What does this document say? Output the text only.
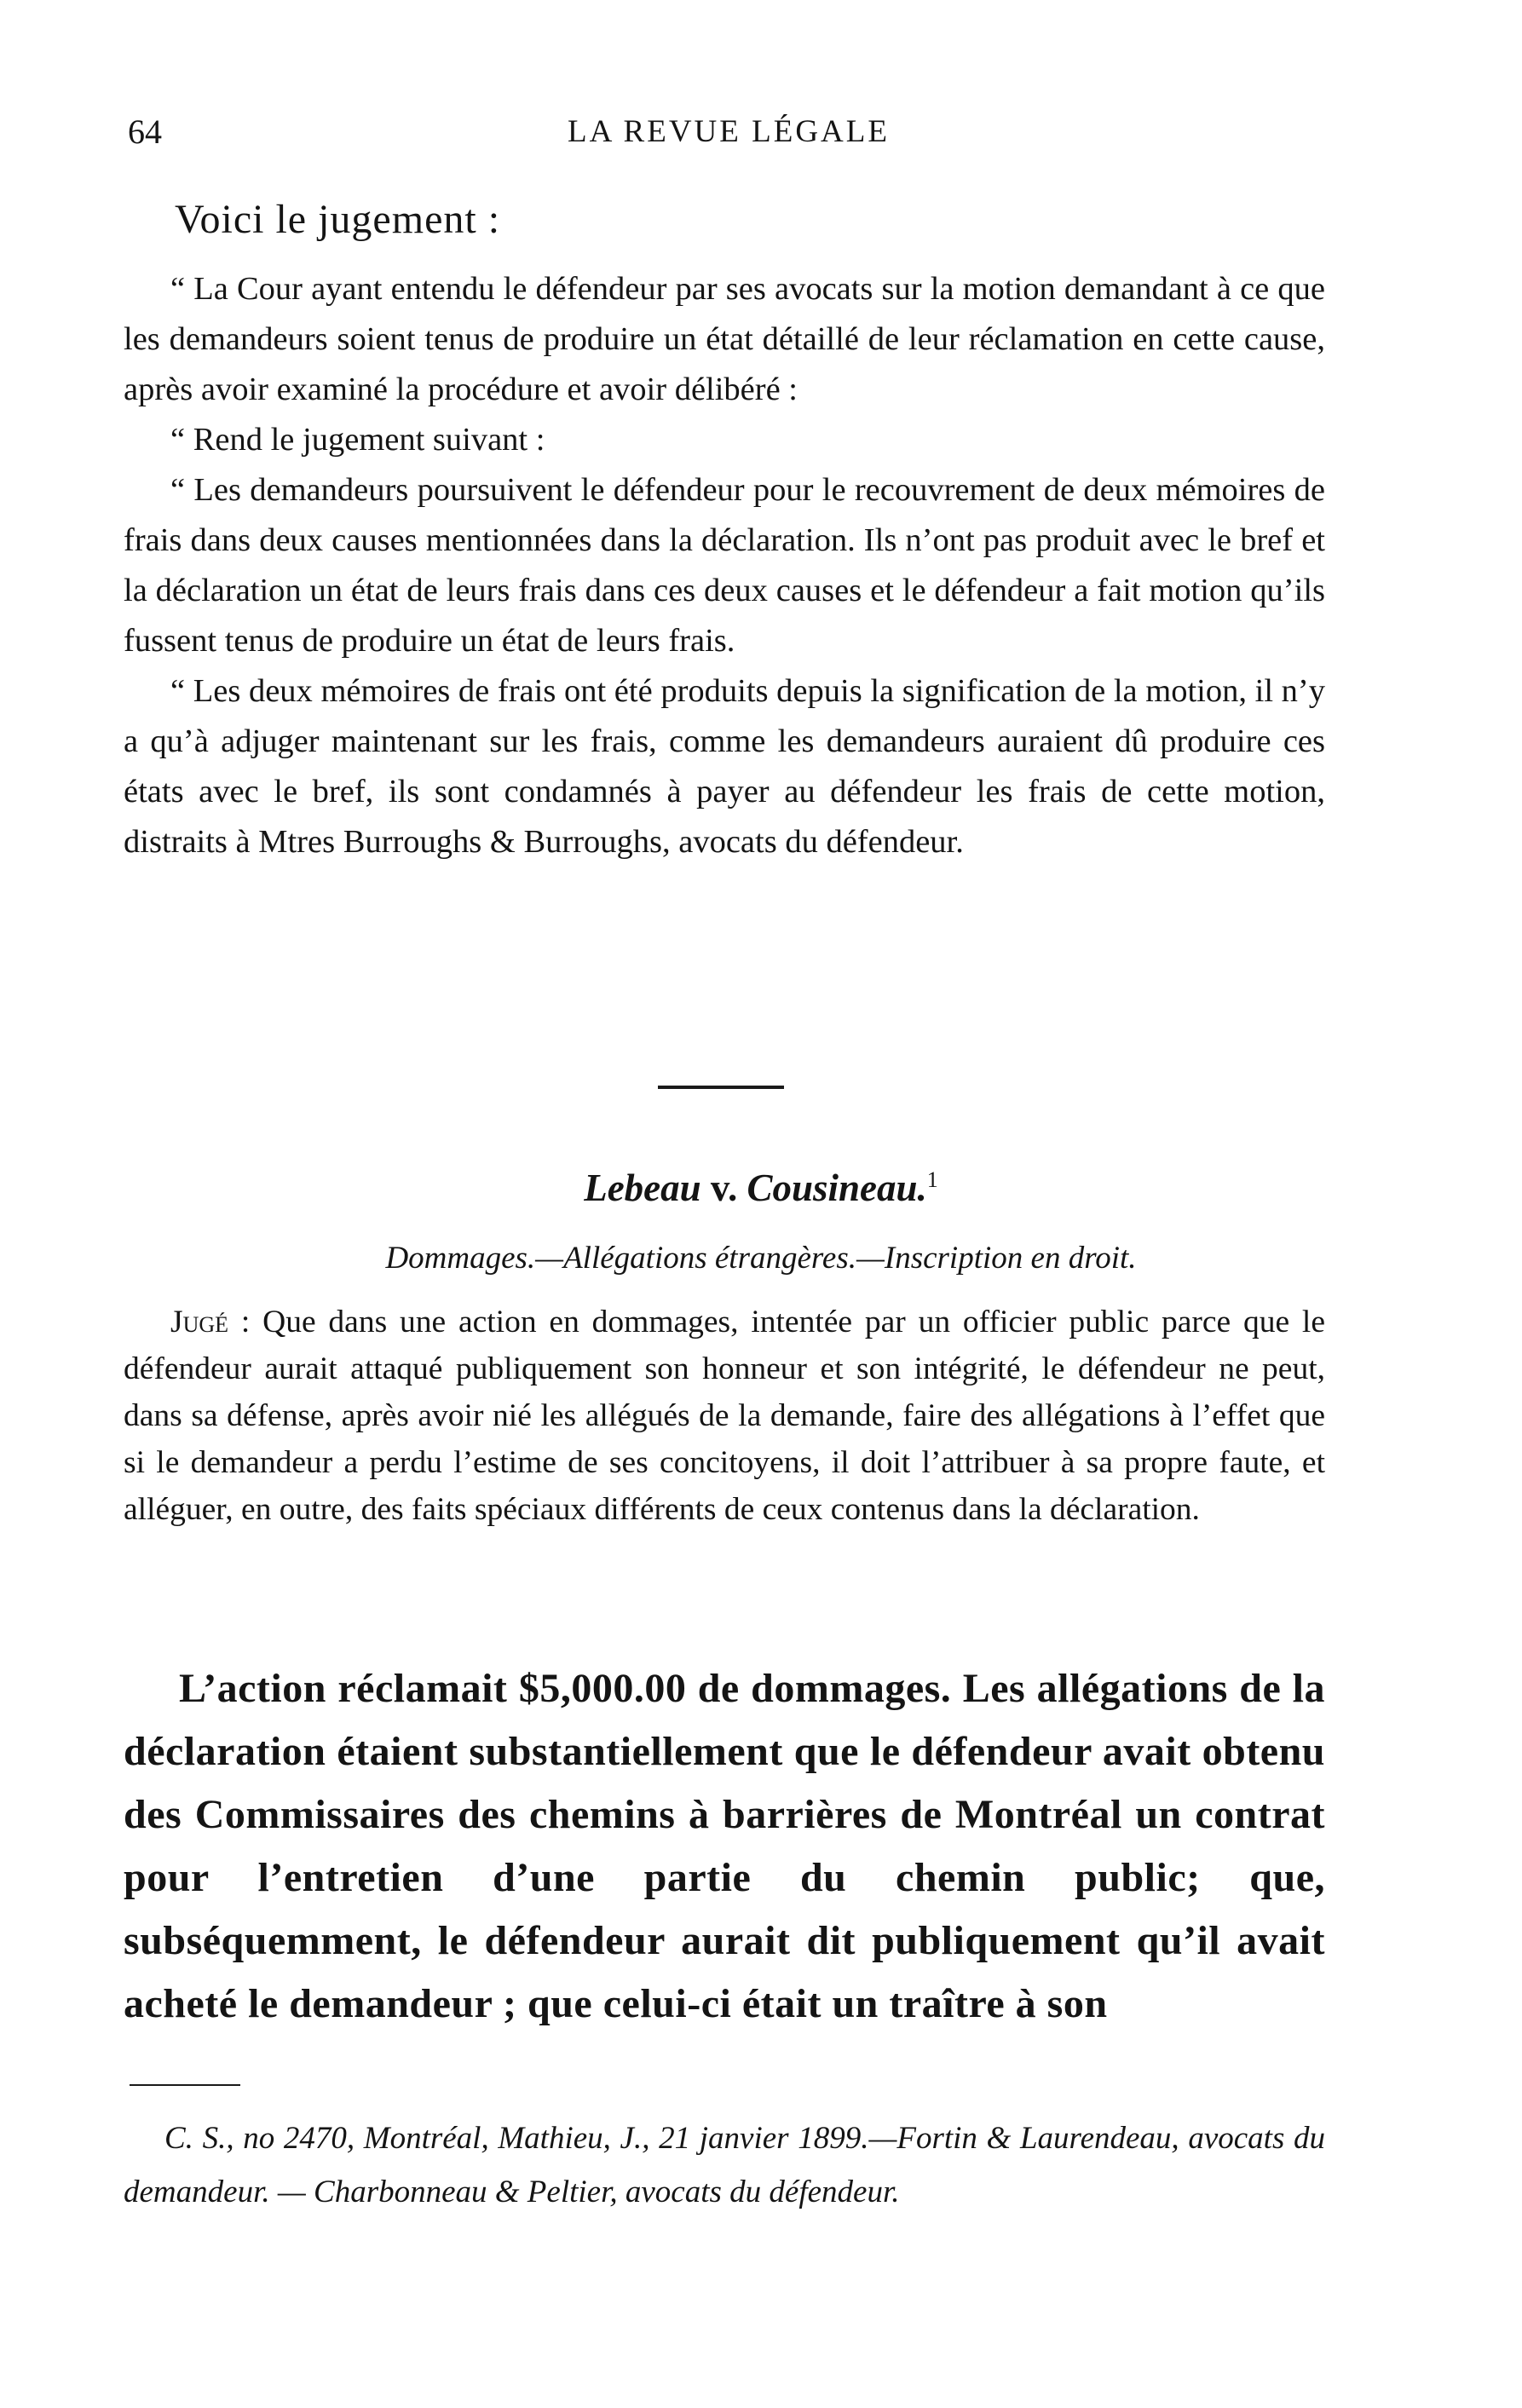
64	LA REVUE LÉGALE
Voici le jugement :

“ La Cour ayant entendu le défendeur par ses avocats sur la motion demandant à ce que les demandeurs soient tenus de produire un état détaillé de leur réclamation en cette cause, après avoir examiné la procédure et avoir délibéré :

“ Rend le jugement suivant :

“ Les demandeurs poursuivent le défendeur pour le recouvrement de deux mémoires de frais dans deux causes mentionnées dans la déclaration. Ils n’ont pas produit avec le bref et la déclaration un état de leurs frais dans ces deux causes et le défendeur a fait motion qu’ils fussent tenus de produire un état de leurs frais.

“ Les deux mémoires de frais ont été produits depuis la signification de la motion, il n’y a qu’à adjuger maintenant sur les frais, comme les demandeurs auraient dû produire ces états avec le bref, ils sont condamnés à payer au défendeur les frais de cette motion, distraits à Mtres Burroughs & Burroughs, avocats du défendeur.

Lebeau v. Cousineau.$^1$
Dommages.—Allégations étrangères.—Inscription en droit.

Jugé : Que dans une action en dommages, intentée par un officier public parce que le défendeur aurait attaqué publiquement son honneur et son intégrité, le défendeur ne peut, dans sa défense, après avoir nié les allégués de la demande, faire des allégations à l’effet que si le demandeur a perdu l’estime de ses concitoyens, il doit l’attribuer à sa propre faute, et alléguer, en outre, des faits spéciaux différents de ceux contenus dans la déclaration.

L’action réclamait $5,000.00 de dommages. Les allégations de la déclaration étaient substantiellement que le défendeur avait obtenu des Commissaires des chemins à barrières de Montréal un contrat pour l’entretien d’une partie du chemin public; que, subséquemment, le défendeur aurait dit publiquement qu’il avait acheté le demandeur ; que celui-ci était un traître à son

C. S., no 2470, Montréal, Mathieu, J., 21 janvier 1899.—Fortin & Laurendeau, avocats du demandeur. — Charbonneau & Peltier, avocats du défendeur.
